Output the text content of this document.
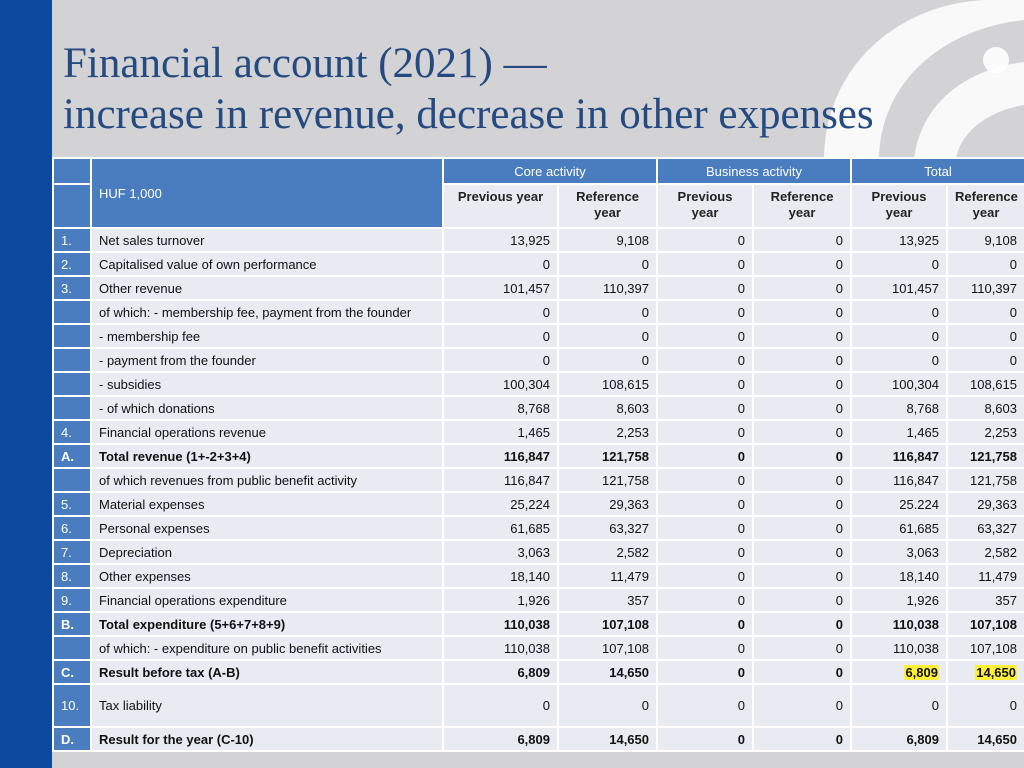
Financial account (2021) —
increase in revenue, decrease in other expenses
	HUF 1,000	Core activity		Business activity		Total	
		Previous year	Reference year	Previous year	Reference year	Previous year	Reference year
1.	Net sales turnover	13,925	9,108	0	0	13,925	9,108
2.	Capitalised value of own performance	0	0	0	0	0	0
3.	Other revenue	101,457	110,397	0	0	101,457	110,397
	of which: - membership fee, payment from the founder	0	0	0	0	0	0
	- membership fee	0	0	0	0	0	0
	- payment from the founder	0	0	0	0	0	0
	- subsidies	100,304	108,615	0	0	100,304	108,615
	- of which donations	8,768	8,603	0	0	8,768	8,603
4.	Financial operations revenue	1,465	2,253	0	0	1,465	2,253
A.	Total revenue (1+-2+3+4)	116,847	121,758	0	0	116,847	121,758
	of which revenues from public benefit activity	116,847	121,758	0	0	116,847	121,758
5.	Material expenses	25,224	29,363	0	0	25.224	29,363
6.	Personal expenses	61,685	63,327	0	0	61,685	63,327
7.	Depreciation	3,063	2,582	0	0	3,063	2,582
8.	Other expenses	18,140	11,479	0	0	18,140	11,479
9.	Financial operations expenditure	1,926	357	0	0	1,926	357
B.	Total expenditure (5+6+7+8+9)	110,038	107,108	0	0	110,038	107,108
	of which: - expenditure on public benefit activities	110,038	107,108	0	0	110,038	107,108
C.	Result before tax (A-B)	6,809	14,650	0	0	6,809	14,650
10.	Tax liability	0	0	0	0	0	0
D.	Result for the year (C-10)	6,809	14,650	0	0	6,809	14,650
